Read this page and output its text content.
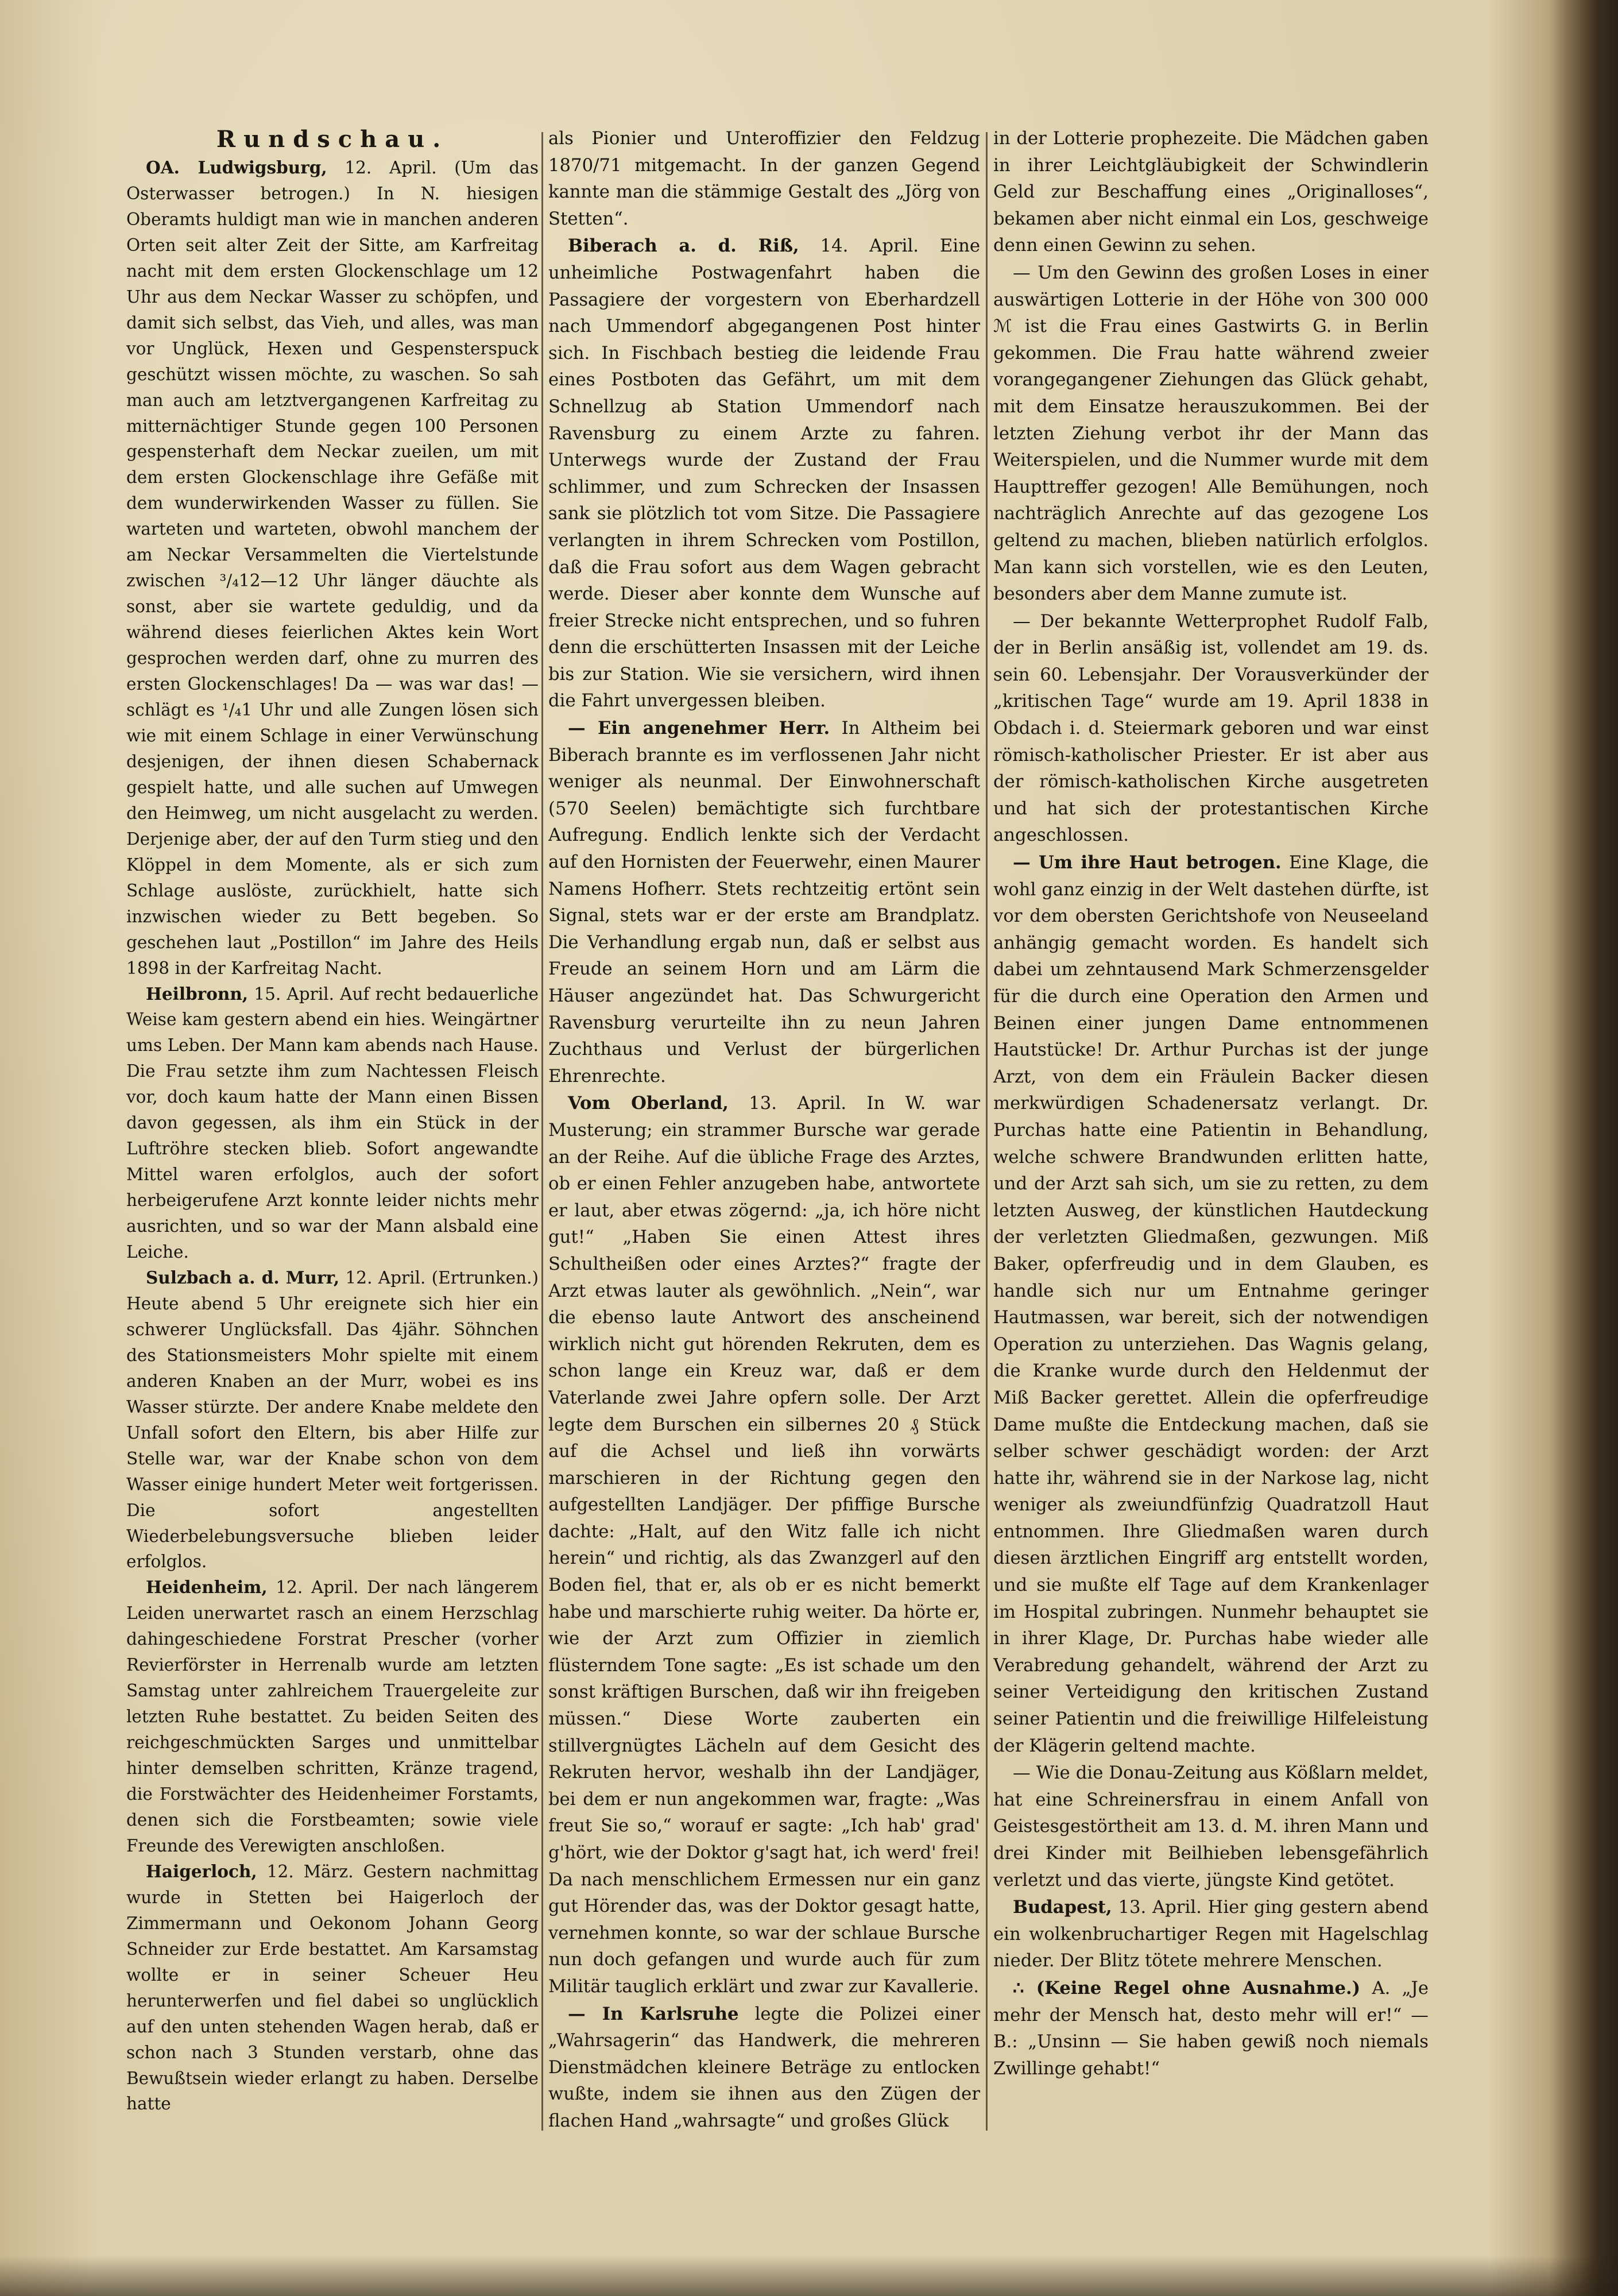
Rundschau.

OA. Ludwigsburg, 12. April. (Um das Osterwasser betrogen.) In N. hiesigen Oberamts huldigt man wie in manchen anderen Orten seit alter Zeit der Sitte, am Karfreitag nacht mit dem ersten Glockenschlage um 12 Uhr aus dem Neckar Wasser zu schöpfen, und damit sich selbst, das Vieh, und alles, was man vor Unglück, Hexen und Gespensterspuck geschützt wissen möchte, zu waschen. So sah man auch am letztvergangenen Karfreitag zu mitternächtiger Stunde gegen 100 Personen gespensterhaft dem Neckar zueilen, um mit dem ersten Glockenschlage ihre Gefäße mit dem wunderwirkenden Wasser zu füllen. Sie warteten und warteten, obwohl manchem der am Neckar Versammelten die Viertelstunde zwischen ³/₄12—12 Uhr länger däuchte als sonst, aber sie wartete geduldig, und da während dieses feierlichen Aktes kein Wort gesprochen werden darf, ohne zu murren des ersten Glockenschlages! Da — was war das! — schlägt es ¹/₄1 Uhr und alle Zungen lösen sich wie mit einem Schlage in einer Verwünschung desjenigen, der ihnen diesen Schabernack gespielt hatte, und alle suchen auf Umwegen den Heimweg, um nicht ausgelacht zu werden. Derjenige aber, der auf den Turm stieg und den Klöppel in dem Momente, als er sich zum Schlage auslöste, zurückhielt, hatte sich inzwischen wieder zu Bett begeben. So geschehen laut „Postillon“ im Jahre des Heils 1898 in der Karfreitag Nacht.

Heilbronn, 15. April. Auf recht bedauerliche Weise kam gestern abend ein hies. Weingärtner ums Leben. Der Mann kam abends nach Hause. Die Frau setzte ihm zum Nachtessen Fleisch vor, doch kaum hatte der Mann einen Bissen davon gegessen, als ihm ein Stück in der Luftröhre stecken blieb. Sofort angewandte Mittel waren erfolglos, auch der sofort herbeigerufene Arzt konnte leider nichts mehr ausrichten, und so war der Mann alsbald eine Leiche.

Sulzbach a. d. Murr, 12. April. (Ertrunken.) Heute abend 5 Uhr ereignete sich hier ein schwerer Unglücksfall. Das 4jähr. Söhnchen des Stationsmeisters Mohr spielte mit einem anderen Knaben an der Murr, wobei es ins Wasser stürzte. Der andere Knabe meldete den Unfall sofort den Eltern, bis aber Hilfe zur Stelle war, war der Knabe schon von dem Wasser einige hundert Meter weit fortgerissen. Die sofort angestellten Wiederbelebungsversuche blieben leider erfolglos.

Heidenheim, 12. April. Der nach längerem Leiden unerwartet rasch an einem Herzschlag dahingeschiedene Forstrat Prescher (vorher Revierförster in Herrenalb wurde am letzten Samstag unter zahlreichem Trauergeleite zur letzten Ruhe bestattet. Zu beiden Seiten des reichgeschmückten Sarges und unmittelbar hinter demselben schritten, Kränze tragend, die Forstwächter des Heidenheimer Forstamts, denen sich die Forstbeamten; sowie viele Freunde des Verewigten anschloßen.

Haigerloch, 12. März. Gestern nachmittag wurde in Stetten bei Haigerloch der Zimmermann und Oekonom Johann Georg Schneider zur Erde bestattet. Am Karsamstag wollte er in seiner Scheuer Heu herunterwerfen und fiel dabei so unglücklich auf den unten stehenden Wagen herab, daß er schon nach 3 Stunden verstarb, ohne das Bewußtsein wieder erlangt zu haben. Derselbe hatte

als Pionier und Unteroffizier den Feldzug 1870/71 mitgemacht. In der ganzen Gegend kannte man die stämmige Gestalt des „Jörg von Stetten“.

Biberach a. d. Riß, 14. April. Eine unheimliche Postwagenfahrt haben die Passagiere der vorgestern von Eberhardzell nach Ummendorf abgegangenen Post hinter sich. In Fischbach bestieg die leidende Frau eines Postboten das Gefährt, um mit dem Schnellzug ab Station Ummendorf nach Ravensburg zu einem Arzte zu fahren. Unterwegs wurde der Zustand der Frau schlimmer, und zum Schrecken der Insassen sank sie plötzlich tot vom Sitze. Die Passagiere verlangten in ihrem Schrecken vom Postillon, daß die Frau sofort aus dem Wagen gebracht werde. Dieser aber konnte dem Wunsche auf freier Strecke nicht entsprechen, und so fuhren denn die erschütterten Insassen mit der Leiche bis zur Station. Wie sie versichern, wird ihnen die Fahrt unvergessen bleiben.

— Ein angenehmer Herr. In Altheim bei Biberach brannte es im verflossenen Jahr nicht weniger als neunmal. Der Einwohnerschaft (570 Seelen) bemächtigte sich furchtbare Aufregung. Endlich lenkte sich der Verdacht auf den Hornisten der Feuerwehr, einen Maurer Namens Hofherr. Stets rechtzeitig ertönt sein Signal, stets war er der erste am Brandplatz. Die Verhandlung ergab nun, daß er selbst aus Freude an seinem Horn und am Lärm die Häuser angezündet hat. Das Schwurgericht Ravensburg verurteilte ihn zu neun Jahren Zuchthaus und Verlust der bürgerlichen Ehrenrechte.

Vom Oberland, 13. April. In W. war Musterung; ein strammer Bursche war gerade an der Reihe. Auf die übliche Frage des Arztes, ob er einen Fehler anzugeben habe, antwortete er laut, aber etwas zögernd: „ja, ich höre nicht gut!“ „Haben Sie einen Attest ihres Schultheißen oder eines Arztes?“ fragte der Arzt etwas lauter als gewöhnlich. „Nein“, war die ebenso laute Antwort des anscheinend wirklich nicht gut hörenden Rekruten, dem es schon lange ein Kreuz war, daß er dem Vaterlande zwei Jahre opfern solle. Der Arzt legte dem Burschen ein silbernes 20 ₰ Stück auf die Achsel und ließ ihn vorwärts marschieren in der Richtung gegen den aufgestellten Landjäger. Der pfiffige Bursche dachte: „Halt, auf den Witz falle ich nicht herein“ und richtig, als das Zwanzgerl auf den Boden fiel, that er, als ob er es nicht bemerkt habe und marschierte ruhig weiter. Da hörte er, wie der Arzt zum Offizier in ziemlich flüsterndem Tone sagte: „Es ist schade um den sonst kräftigen Burschen, daß wir ihn freigeben müssen.“ Diese Worte zauberten ein stillvergnügtes Lächeln auf dem Gesicht des Rekruten hervor, weshalb ihn der Landjäger, bei dem er nun angekommen war, fragte: „Was freut Sie so,“ worauf er sagte: „Ich hab' grad' g'hört, wie der Doktor g'sagt hat, ich werd' frei! Da nach menschlichem Ermessen nur ein ganz gut Hörender das, was der Doktor gesagt hatte, vernehmen konnte, so war der schlaue Bursche nun doch gefangen und wurde auch für zum Militär tauglich erklärt und zwar zur Kavallerie.

— In Karlsruhe legte die Polizei einer „Wahrsagerin“ das Handwerk, die mehreren Dienstmädchen kleinere Beträge zu entlocken wußte, indem sie ihnen aus den Zügen der flachen Hand „wahrsagte“ und großes Glück

in der Lotterie prophezeite. Die Mädchen gaben in ihrer Leichtgläubigkeit der Schwindlerin Geld zur Beschaffung eines „Originalloses“, bekamen aber nicht einmal ein Los, geschweige denn einen Gewinn zu sehen.

— Um den Gewinn des großen Loses in einer auswärtigen Lotterie in der Höhe von 300 000 ℳ ist die Frau eines Gastwirts G. in Berlin gekommen. Die Frau hatte während zweier vorangegangener Ziehungen das Glück gehabt, mit dem Einsatze herauszukommen. Bei der letzten Ziehung verbot ihr der Mann das Weiterspielen, und die Nummer wurde mit dem Haupttreffer gezogen! Alle Bemühungen, noch nachträglich Anrechte auf das gezogene Los geltend zu machen, blieben natürlich erfolglos. Man kann sich vorstellen, wie es den Leuten, besonders aber dem Manne zumute ist.

— Der bekannte Wetterprophet Rudolf Falb, der in Berlin ansäßig ist, vollendet am 19. ds. sein 60. Lebensjahr. Der Vorausverkünder der „kritischen Tage“ wurde am 19. April 1838 in Obdach i. d. Steiermark geboren und war einst römisch-katholischer Priester. Er ist aber aus der römisch-katholischen Kirche ausgetreten und hat sich der protestantischen Kirche angeschlossen.

— Um ihre Haut betrogen. Eine Klage, die wohl ganz einzig in der Welt dastehen dürfte, ist vor dem obersten Gerichtshofe von Neuseeland anhängig gemacht worden. Es handelt sich dabei um zehntausend Mark Schmerzensgelder für die durch eine Operation den Armen und Beinen einer jungen Dame entnommenen Hautstücke! Dr. Arthur Purchas ist der junge Arzt, von dem ein Fräulein Backer diesen merkwürdigen Schadenersatz verlangt. Dr. Purchas hatte eine Patientin in Behandlung, welche schwere Brandwunden erlitten hatte, und der Arzt sah sich, um sie zu retten, zu dem letzten Ausweg, der künstlichen Hautdeckung der verletzten Gliedmaßen, gezwungen. Miß Baker, opferfreudig und in dem Glauben, es handle sich nur um Entnahme geringer Hautmassen, war bereit, sich der notwendigen Operation zu unterziehen. Das Wagnis gelang, die Kranke wurde durch den Heldenmut der Miß Backer gerettet. Allein die opferfreudige Dame mußte die Entdeckung machen, daß sie selber schwer geschädigt worden: der Arzt hatte ihr, während sie in der Narkose lag, nicht weniger als zweiundfünfzig Quadratzoll Haut entnommen. Ihre Gliedmaßen waren durch diesen ärztlichen Eingriff arg entstellt worden, und sie mußte elf Tage auf dem Krankenlager im Hospital zubringen. Nunmehr behauptet sie in ihrer Klage, Dr. Purchas habe wieder alle Verabredung gehandelt, während der Arzt zu seiner Verteidigung den kritischen Zustand seiner Patientin und die freiwillige Hilfeleistung der Klägerin geltend machte.

— Wie die Donau-Zeitung aus Kößlarn meldet, hat eine Schreinersfrau in einem Anfall von Geistesgestörtheit am 13. d. M. ihren Mann und drei Kinder mit Beilhieben lebensgefährlich verletzt und das vierte, jüngste Kind getötet.

Budapest, 13. April. Hier ging gestern abend ein wolkenbruchartiger Regen mit Hagelschlag nieder. Der Blitz tötete mehrere Menschen.

∴ (Keine Regel ohne Ausnahme.) A. „Je mehr der Mensch hat, desto mehr will er!“ — B.: „Unsinn — Sie haben gewiß noch niemals Zwillinge gehabt!“
